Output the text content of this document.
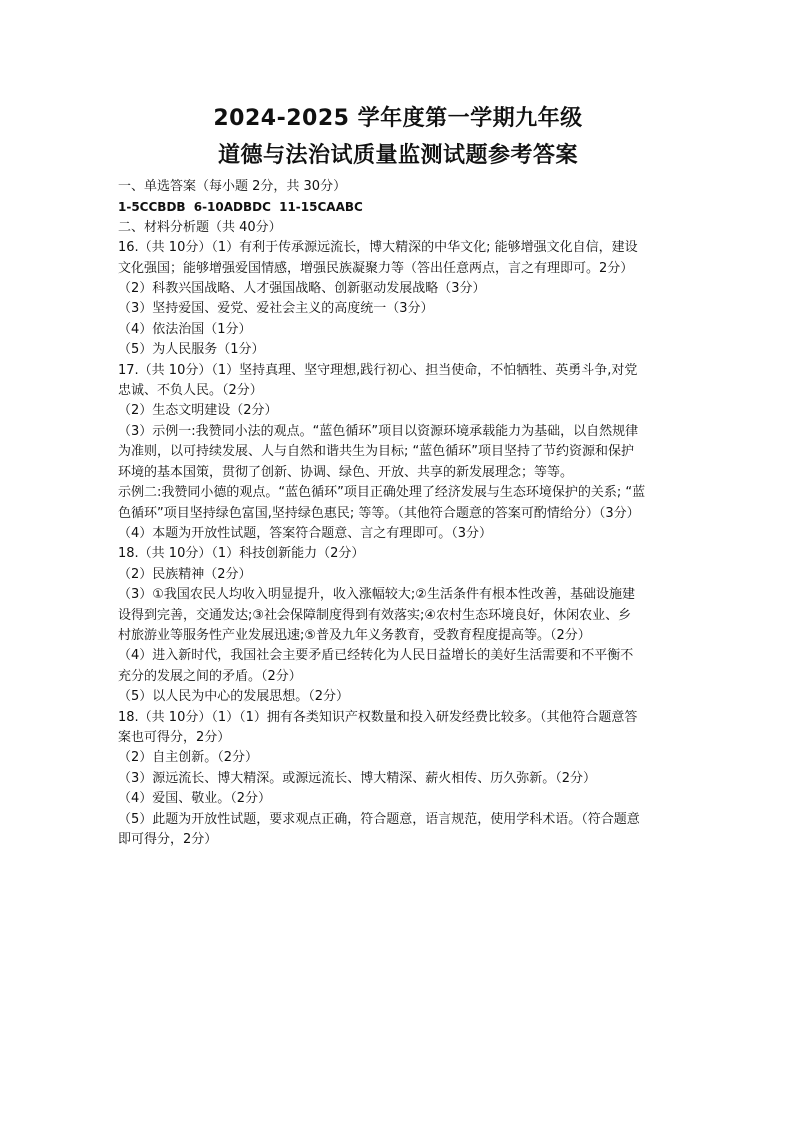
2024-2025 学年度第一学期九年级
道德与法治试质量监测试题参考答案
一、单选答案（每小题 2分，共 30分）
1-5CCBDB 6-10ADBDC 11-15CAABC
二、材料分析题（共 40分）
16.（共 10分）（1）有利于传承源远流长，博大精深的中华文化; 能够增强文化自信，建设
文化强国；能够增强爱国情感，增强民族凝聚力等（答出任意两点，言之有理即可。2分）
（2）科教兴国战略、人才强国战略、创新驱动发展战略（3分）
（3）坚持爱国、爱党、爱社会主义的高度统一（3分）
（4）依法治国（1分）
（5）为人民服务（1分）
17.（共 10分）（1）坚持真理、坚守理想,践行初心、担当使命，不怕牺牲、英勇斗争,对党
忠诚、不负人民。（2分）
（2）生态文明建设（2分）
（3）示例一:我赞同小法的观点。“蓝色循环”项目以资源环境承载能力为基础，以自然规律
为准则，以可持续发展、人与自然和谐共生为目标; “蓝色循环”项目坚持了节约资源和保护
环境的基本国策，贯彻了创新、协调、绿色、开放、共享的新发展理念；等等。
示例二:我赞同小德的观点。“蓝色循环”项目正确处理了经济发展与生态环境保护的关系; “蓝
色循环”项目坚持绿色富国,坚持绿色惠民; 等等。（其他符合题意的答案可酌情给分）（3分）
（4）本题为开放性试题，答案符合题意、言之有理即可。（3分）
18.（共 10分）（1）科技创新能力（2分）
（2）民族精神（2分）
（3）①我国农民人均收入明显提升，收入涨幅较大;②生活条件有根本性改善，基础设施建
设得到完善，交通发达;③社会保障制度得到有效落实;④农村生态环境良好，休闲农业、乡
村旅游业等服务性产业发展迅速;⑤普及九年义务教育，受教育程度提高等。（2分）
（4）进入新时代，我国社会主要矛盾已经转化为人民日益增长的美好生活需要和不平衡不
充分的发展之间的矛盾。（2分）
（5）以人民为中心的发展思想。（2分）
18.（共 10分）（1）（1）拥有各类知识产权数量和投入研发经费比较多。（其他符合题意答
案也可得分，2分）
（2）自主创新。（2分）
（3）源远流长、博大精深。或源远流长、博大精深、薪火相传、历久弥新。（2分）
（4）爱国、敬业。（2分）
（5）此题为开放性试题，要求观点正确，符合题意，语言规范，使用学科术语。（符合题意
即可得分，2分）
